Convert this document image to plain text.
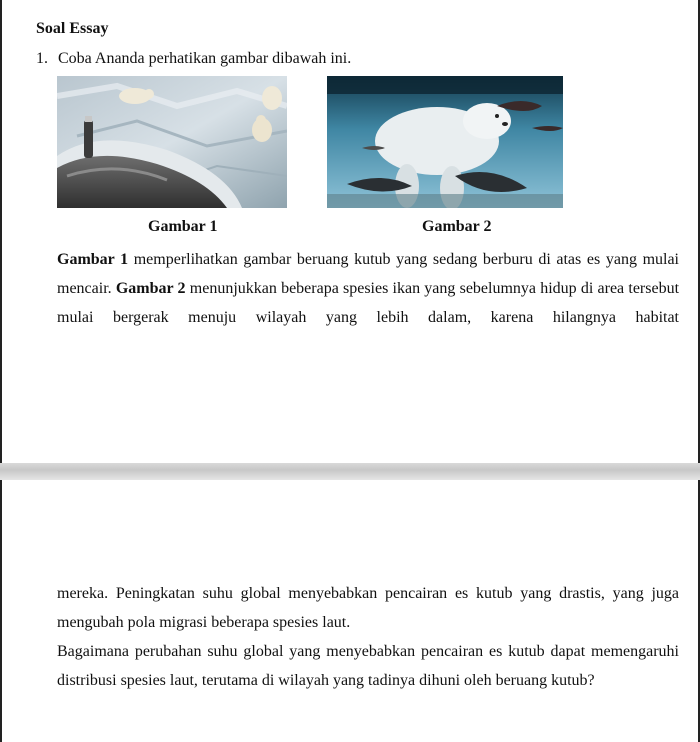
Soal Essay
1. Coba Ananda perhatikan gambar dibawah ini.
Gambar 1	Gambar 2
Gambar 1 memperlihatkan gambar beruang kutub yang sedang berburu di atas es yang mulai mencair. Gambar 2 menunjukkan beberapa spesies ikan yang sebelumnya hidup di area tersebut mulai bergerak menuju wilayah yang lebih dalam, karena hilangnya habitat
mereka. Peningkatan suhu global menyebabkan pencairan es kutub yang drastis, yang juga mengubah pola migrasi beberapa spesies laut.
Bagaimana perubahan suhu global yang menyebabkan pencairan es kutub dapat memengaruhi distribusi spesies laut, terutama di wilayah yang tadinya dihuni oleh beruang kutub?
